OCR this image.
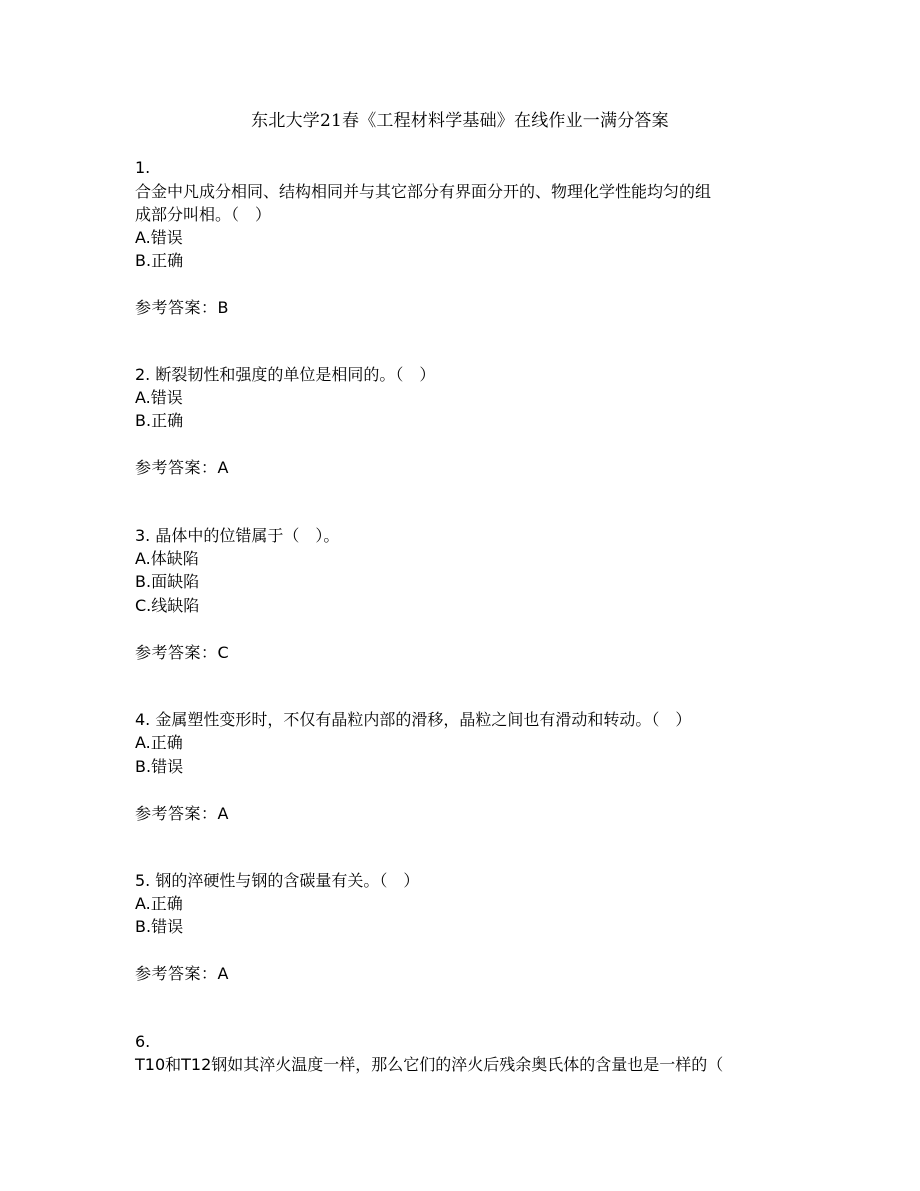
东北大学21春《工程材料学基础》在线作业一满分答案
1.
合金中凡成分相同、结构相同并与其它部分有界面分开的、物理化学性能均匀的组
成部分叫相。（　）
A.错误
B.正确
参考答案：B
2. 断裂韧性和强度的单位是相同的。（　）
A.错误
B.正确
参考答案：A
3. 晶体中的位错属于（　）。
A.体缺陷
B.面缺陷
C.线缺陷
参考答案：C
4. 金属塑性变形时，不仅有晶粒内部的滑移，晶粒之间也有滑动和转动。（　）
A.正确
B.错误
参考答案：A
5. 钢的淬硬性与钢的含碳量有关。（　）
A.正确
B.错误
参考答案：A
6.
T10和T12钢如其淬火温度一样，那么它们的淬火后残余奥氏体的含量也是一样的（
